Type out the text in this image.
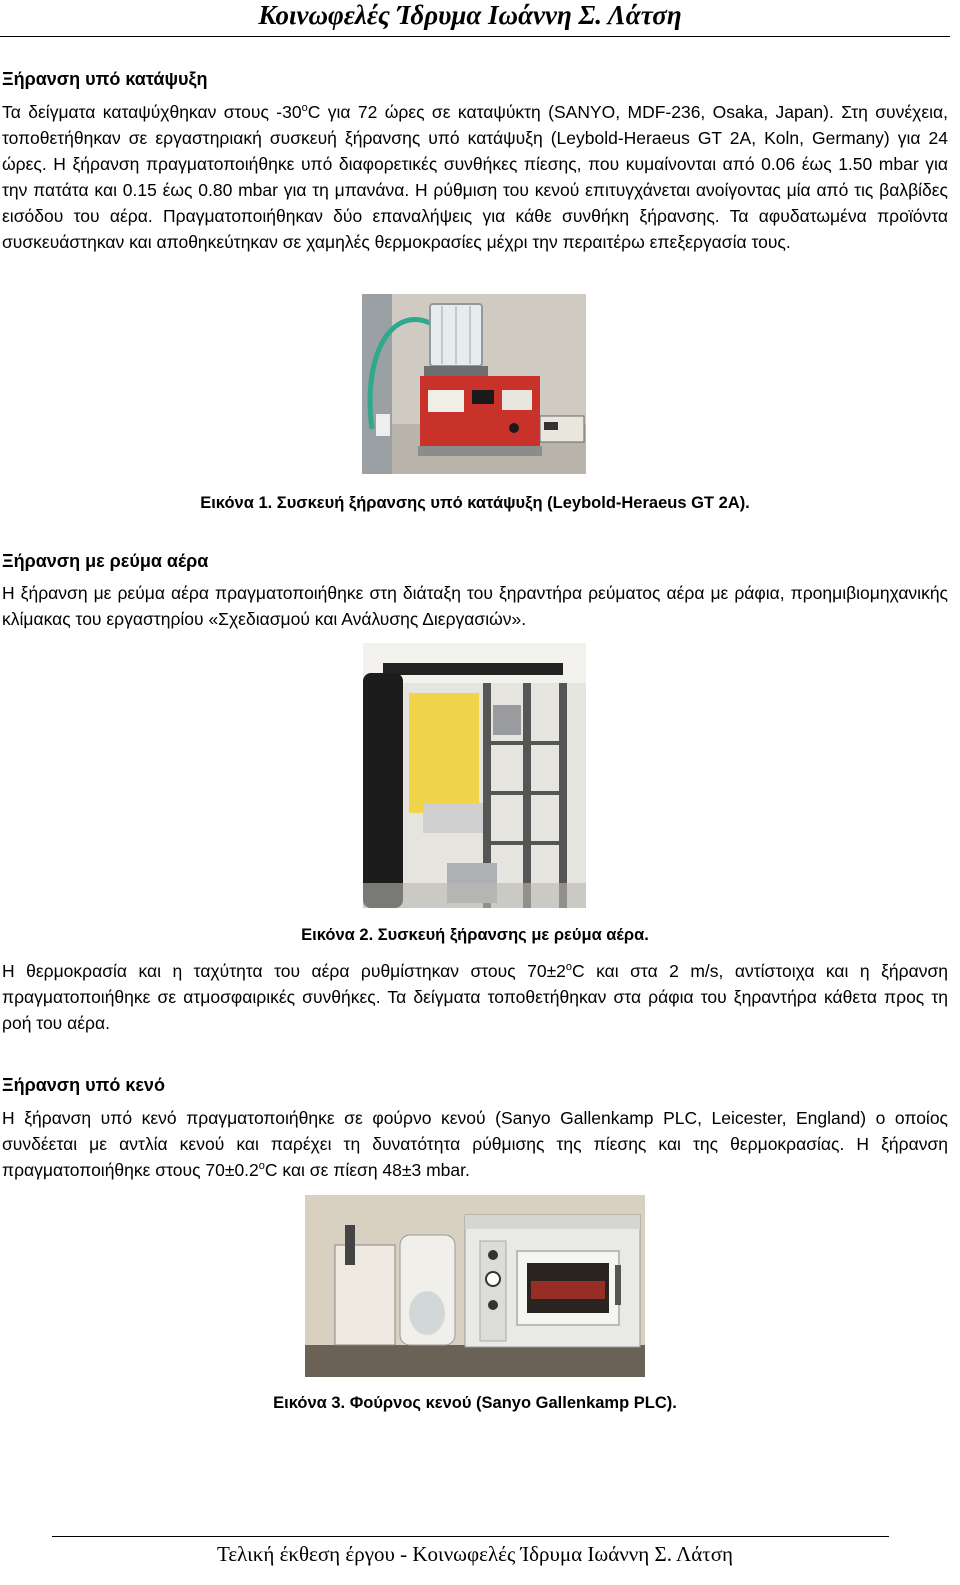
Κοινωφελές Ίδρυμα Ιωάννη Σ. Λάτση
Ξήρανση υπό κατάψυξη
Τα δείγματα καταψύχθηκαν στους -30$^o$C για 72 ώρες σε καταψύκτη (SANYO, MDF-236, Osaka, Japan). Στη συνέχεια, τοποθετήθηκαν σε εργαστηριακή συσκευή ξήρανσης υπό κατάψυξη (Leybold-Heraeus GT 2A, Koln, Germany) για 24 ώρες. Η ξήρανση πραγματοποιήθηκε υπό διαφορετικές συνθήκες πίεσης, που κυμαίνονται από 0.06 έως 1.50 mbar για την πατάτα και 0.15 έως 0.80 mbar για τη μπανάνα. Η ρύθμιση του κενού επιτυγχάνεται ανοίγοντας μία από τις βαλβίδες εισόδου του αέρα. Πραγματοποιήθηκαν δύο επαναλήψεις για κάθε συνθήκη ξήρανσης. Τα αφυδατωμένα προϊόντα συσκευάστηκαν και αποθηκεύτηκαν σε χαμηλές θερμοκρασίες μέχρι την περαιτέρω επεξεργασία τους.
Εικόνα 1. Συσκευή ξήρανσης υπό κατάψυξη (Leybold-Heraeus GT 2A).
Ξήρανση με ρεύμα αέρα
Η ξήρανση με ρεύμα αέρα πραγματοποιήθηκε στη διάταξη του ξηραντήρα ρεύματος αέρα με ράφια, προημιβιομηχανικής κλίμακας του εργαστηρίου «Σχεδιασμού και Ανάλυσης Διεργασιών».
Εικόνα 2. Συσκευή ξήρανσης με ρεύμα αέρα.
Η θερμοκρασία και η ταχύτητα του αέρα ρυθμίστηκαν στους $70\pm 2^oC$ και στα 2 m/s, αντίστοιχα και η ξήρανση πραγματοποιήθηκε σε ατμοσφαιρικές συνθήκες. Τα δείγματα τοποθετήθηκαν στα ράφια του ξηραντήρα κάθετα προς τη ροή του αέρα.
Ξήρανση υπό κενό
Η ξήρανση υπό κενό πραγματοποιήθηκε σε φούρνο κενού (Sanyo Gallenkamp PLC, Leicester, England) ο οποίος συνδέεται με αντλία κενού και παρέχει τη δυνατότητα ρύθμισης της πίεσης και της θερμοκρασίας. Η ξήρανση πραγματοποιήθηκε στους $70\pm 0.2^oC$ και σε πίεση 48±3 mbar.
Εικόνα 3. Φούρνος κενού (Sanyo Gallenkamp PLC).
Τελική έκθεση έργου - Κοινωφελές Ίδρυμα Ιωάννη Σ. Λάτση
